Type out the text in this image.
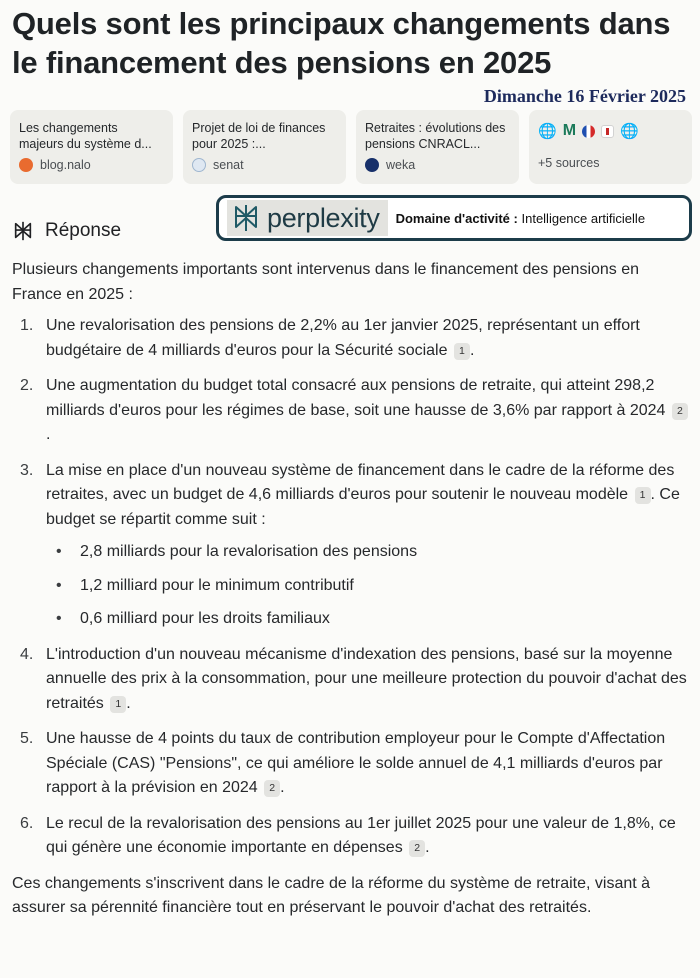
Quels sont les principaux changements dans le financement des pensions en 2025
Dimanche 16 Février 2025
Les changements majeurs du système d...
blog.nalo
Projet de loi de finances pour 2025 :...
senat
Retraites : évolutions des pensions CNRACL...
weka
🌐 M	🌐
+5 sources
Réponse	perplexity Domaine d'activité : Intelligence artificielle

Plusieurs changements importants sont intervenus dans le financement des pensions en France en 2025 :

1. Une revalorisation des pensions de 2,2% au 1er janvier 2025, représentant un effort budgétaire de 4 milliards d'euros pour la Sécurité sociale 1 .
2. Une augmentation du budget total consacré aux pensions de retraite, qui atteint 298,2 milliards d'euros pour les régimes de base, soit une hausse de 3,6% par rapport à 2024 2.
3. La mise en place d'un nouveau système de financement dans le cadre de la réforme des retraites, avec un budget de 4,6 milliards d'euros pour soutenir le nouveau modèle 1 . Ce budget se répartit comme suit :
• 2,8 milliards pour la revalorisation des pensions
• 1,2 milliard pour le minimum contributif
• 0,6 milliard pour les droits familiaux
4. L'introduction d'un nouveau mécanisme d'indexation des pensions, basé sur la moyenne annuelle des prix à la consommation, pour une meilleure protection du pouvoir d'achat des retraités 1 .
5. Une hausse de 4 points du taux de contribution employeur pour le Compte d'Affectation Spéciale (CAS) "Pensions", ce qui améliore le solde annuel de 4,1 milliards d'euros par rapport à la prévision en 2024 2 .
6. Le recul de la revalorisation des pensions au 1er juillet 2025 pour une valeur de 1,8%, ce qui génère une économie importante en dépenses 2 .

Ces changements s'inscrivent dans le cadre de la réforme du système de retraite, visant à assurer sa pérennité financière tout en préservant le pouvoir d'achat des retraités.
